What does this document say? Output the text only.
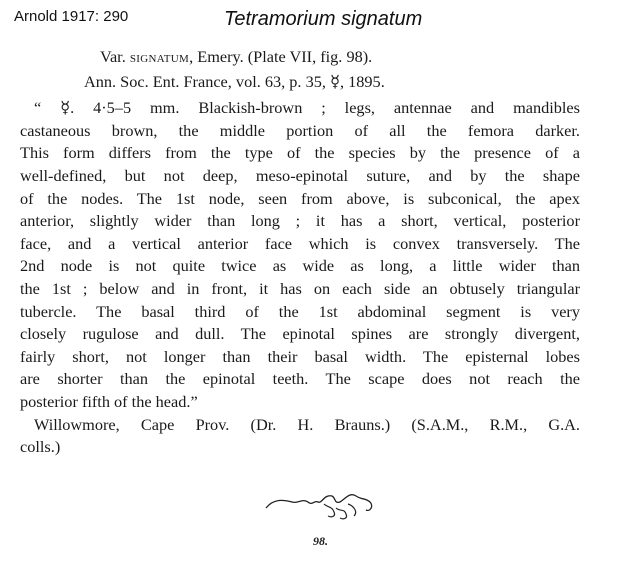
Arnold 1917: 290	Tetramorium signatum
Var. signatum, Emery. (Plate VII, fig. 98).
Ann. Soc. Ent. France, vol. 63, p. 35, ☿, 1895.
“ ☿. 4·5–5 mm. Blackish-brown ; legs, antennae and mandibles
castaneous brown, the middle portion of all the femora darker.
This form differs from the type of the species by the presence of a
well-defined, but not deep, meso-epinotal suture, and by the shape
of the nodes. The 1st node, seen from above, is subconical, the apex
anterior, slightly wider than long ; it has a short, vertical, posterior
face, and a vertical anterior face which is convex transversely. The
2nd node is not quite twice as wide as long, a little wider than
the 1st ; below and in front, it has on each side an obtusely triangular
tubercle. The basal third of the 1st abdominal segment is very
closely rugulose and dull. The epinotal spines are strongly divergent,
fairly short, not longer than their basal width. The episternal lobes
are shorter than the epinotal teeth. The scape does not reach the
posterior fifth of the head.”
Willowmore, Cape Prov. (Dr. H. Brauns.) (S.A.M., R.M., G.A.
colls.)
98.
